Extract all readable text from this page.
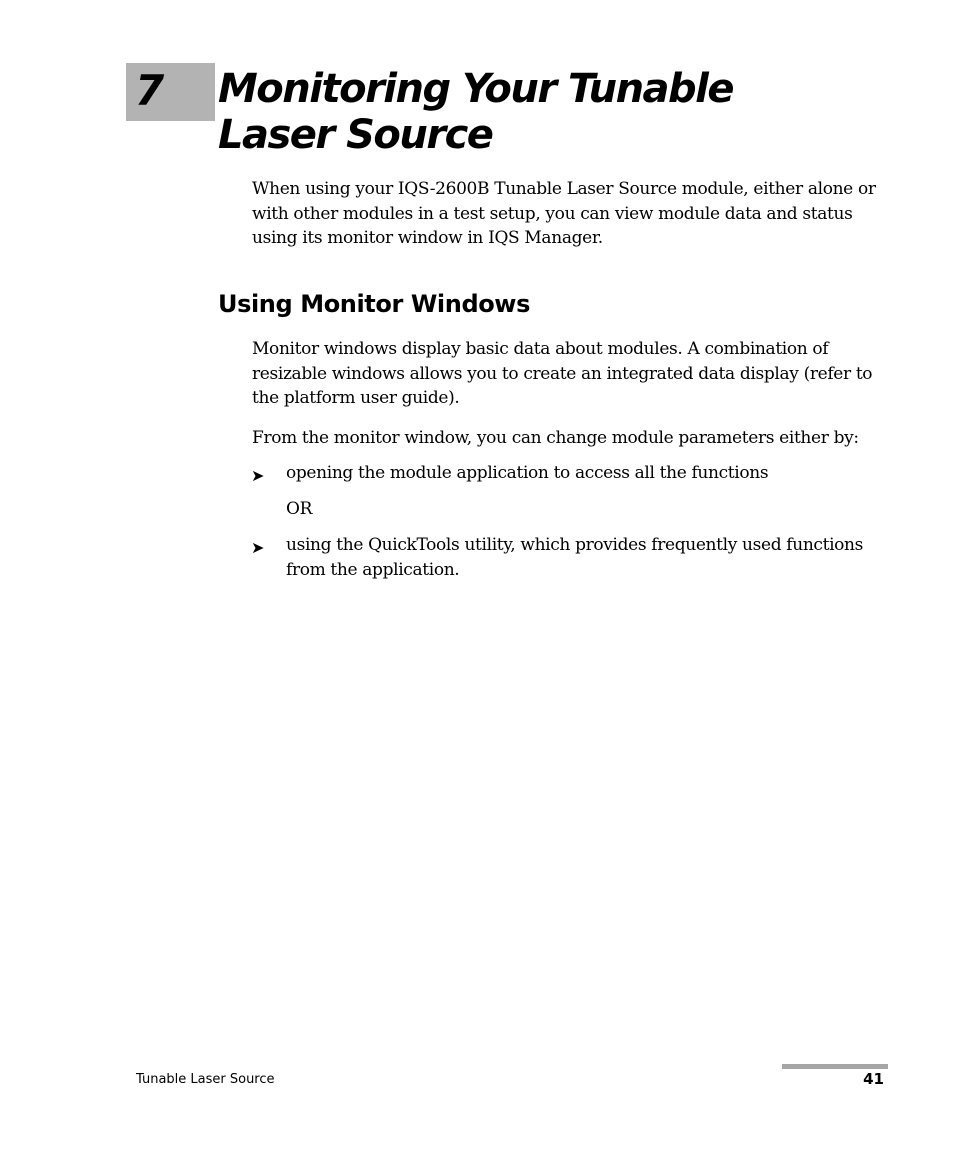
7 Monitoring Your Tunable
Laser Source

When using your IQS-2600B Tunable Laser Source module, either alone or with other modules in a test setup, you can view module data and status using its monitor window in IQS Manager.

Using Monitor Windows

Monitor windows display basic data about modules. A combination of resizable windows allows you to create an integrated data display (refer to the platform user guide).

From the monitor window, you can change module parameters either by:

➤ opening the module application to access all the functions

OR

➤ using the QuickTools utility, which provides frequently used functions from the application.

Tunable Laser Source	41
